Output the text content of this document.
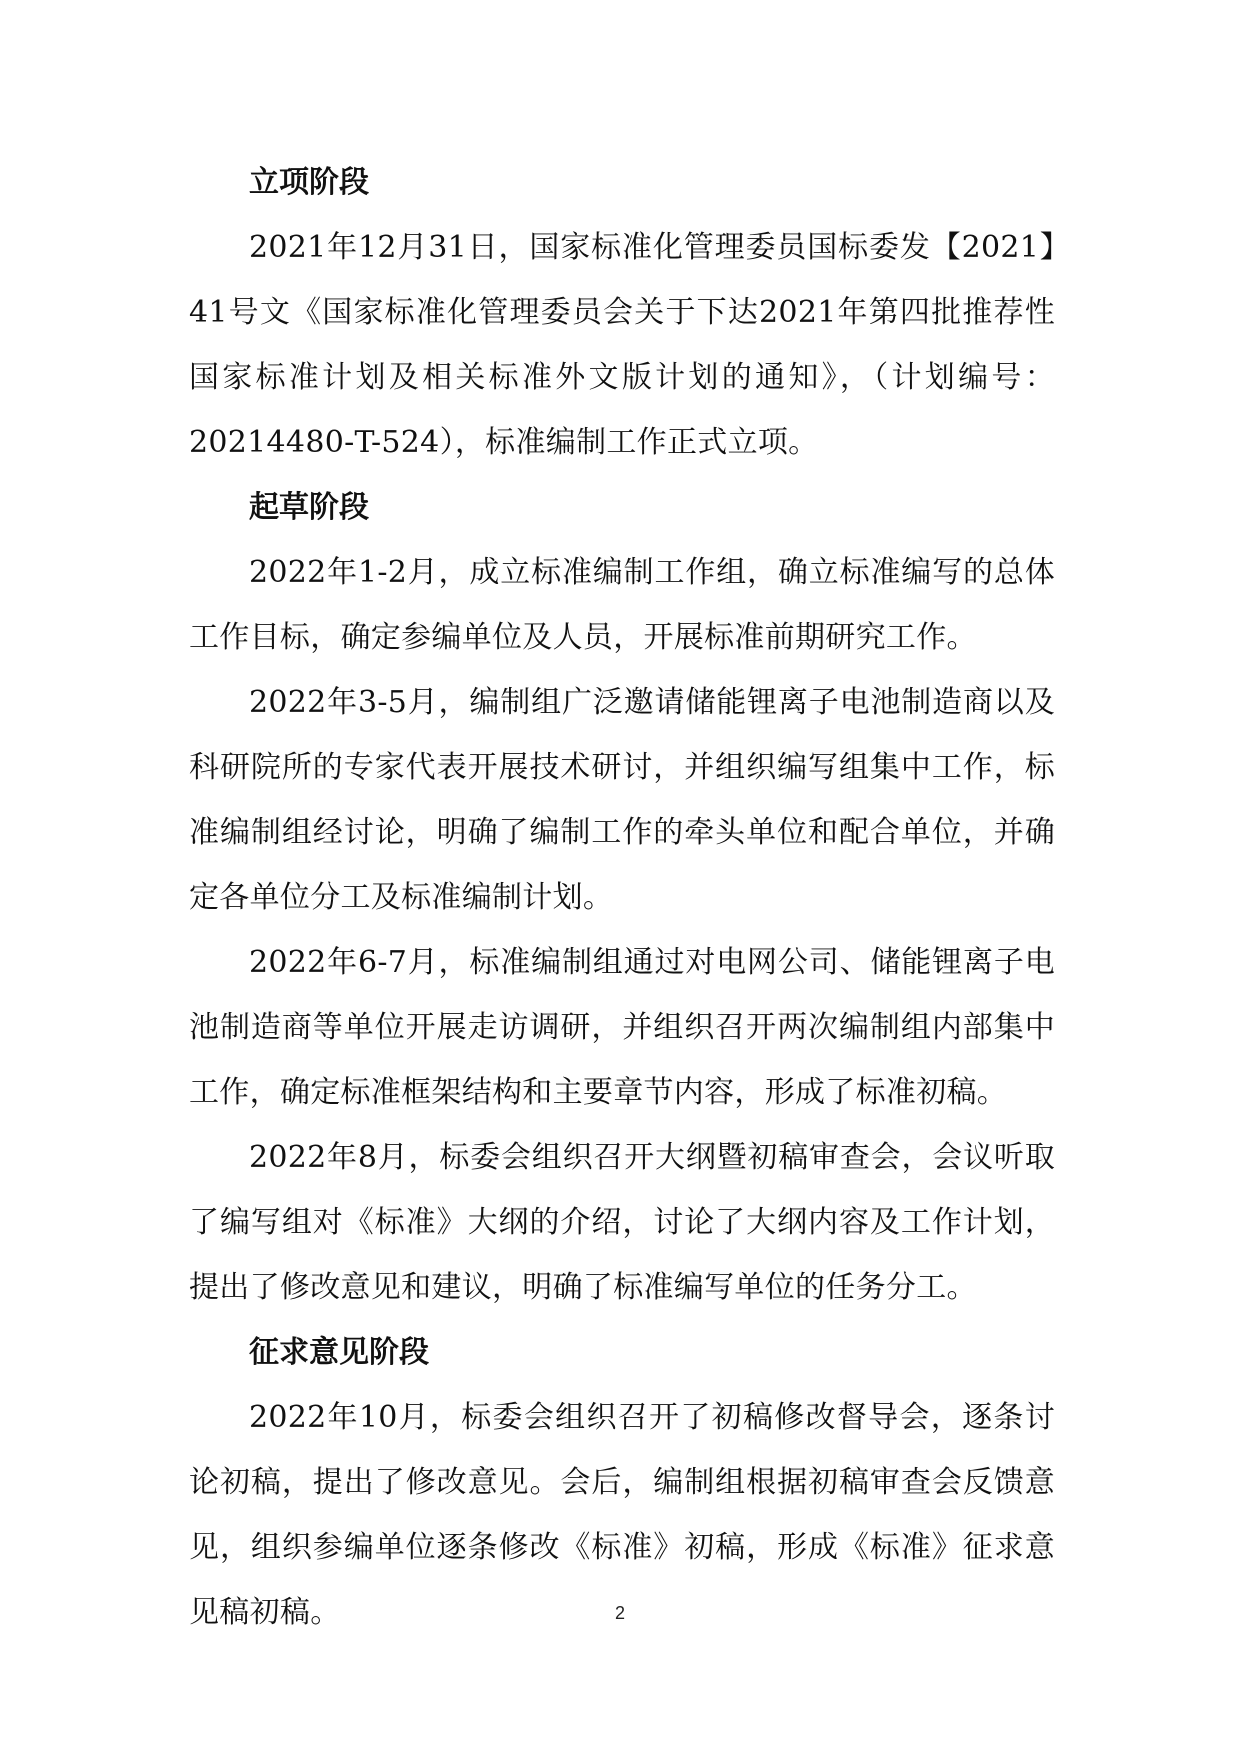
立项阶段

2021年12月31日，国家标准化管理委员国标委发【2021】41号文《国家标准化管理委员会关于下达2021年第四批推荐性国家标准计划及相关标准外文版计划的通知》，（计划编号：20214480-T-524），标准编制工作正式立项。

起草阶段

2022年1-2月，成立标准编制工作组，确立标准编写的总体工作目标，确定参编单位及人员，开展标准前期研究工作。

2022年3-5月，编制组广泛邀请储能锂离子电池制造商以及科研院所的专家代表开展技术研讨，并组织编写组集中工作，标准编制组经讨论，明确了编制工作的牵头单位和配合单位，并确定各单位分工及标准编制计划。

2022年6-7月，标准编制组通过对电网公司、储能锂离子电池制造商等单位开展走访调研，并组织召开两次编制组内部集中工作，确定标准框架结构和主要章节内容，形成了标准初稿。

2022年8月，标委会组织召开大纲暨初稿审查会，会议听取了编写组对《标准》大纲的介绍，讨论了大纲内容及工作计划，提出了修改意见和建议，明确了标准编写单位的任务分工。

征求意见阶段

2022年10月，标委会组织召开了初稿修改督导会，逐条讨论初稿，提出了修改意见。会后，编制组根据初稿审查会反馈意见，组织参编单位逐条修改《标准》初稿，形成《标准》征求意见稿初稿。	2
